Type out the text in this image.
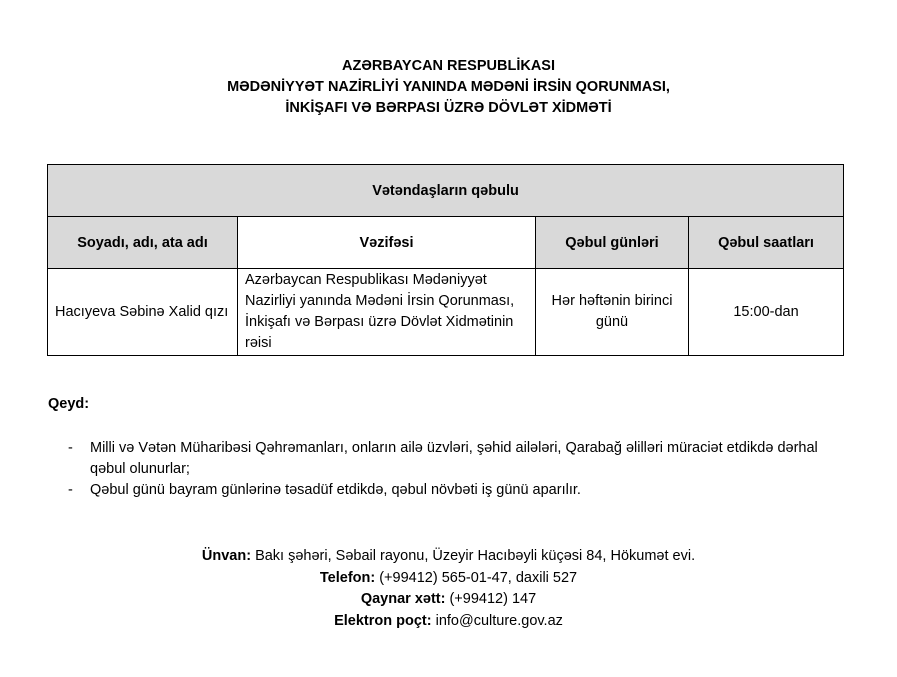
AZƏRBAYCAN RESPUBLİKASI
MƏDƏNİYYƏT NAZİRLİYİ YANINDA MƏDƏNİ İRSİN QORUNMASI,
İNKİŞAFI VƏ BƏRPASI ÜZRƏ DÖVLƏT XİDMƏTİ
Vətəndaşların qəbulu			
Soyadı, adı, ata adı	Vəzifəsi	Qəbul günləri	Qəbul saatları
Hacıyeva Səbinə Xalid qızı	Azərbaycan Respublikası Mədəniyyət Nazirliyi yanında Mədəni İrsin Qorunması, İnkişafı və Bərpası üzrə Dövlət Xidmətinin rəisi	Hər həftənin birinci günü	15:00-dan
Qeyd:
- Milli və Vətən Müharibəsi Qəhrəmanları, onların ailə üzvləri, şəhid ailələri, Qarabağ əlilləri müraciət etdikdə dərhal qəbul olunurlar;
- Qəbul günü bayram günlərinə təsadüf etdikdə, qəbul növbəti iş günü aparılır.
Ünvan: Bakı şəhəri, Səbail rayonu, Üzeyir Hacıbəyli küçəsi 84, Hökumət evi.
Telefon: (+99412) 565-01-47, daxili 527
Qaynar xətt: (+99412) 147
Elektron poçt: info@culture.gov.az
